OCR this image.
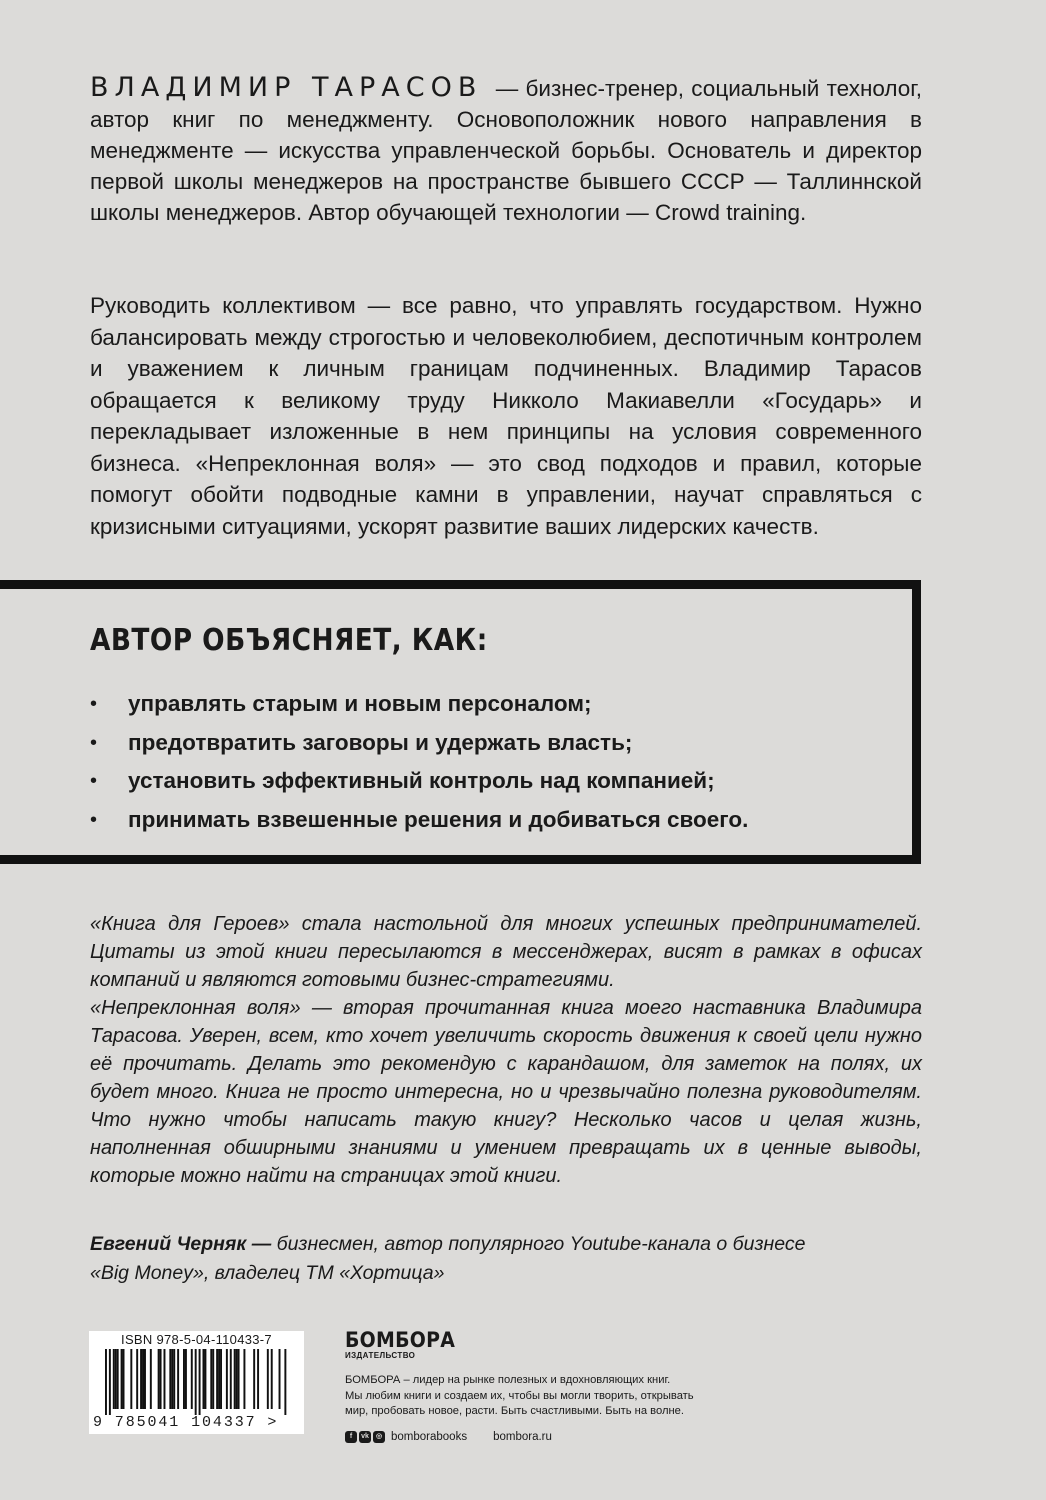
ВЛАДИМИР ТАРАСОВ — бизнес-тренер, социальный технолог, автор книг по менеджменту. Основоположник нового направления в менеджменте — искусства управленческой борьбы. Основатель и директор первой школы менеджеров на пространстве бывшего СССР — Таллиннской школы менеджеров. Автор обучающей технологии — Crowd training.

Руководить коллективом — все равно, что управлять государством. Нужно балансировать между строгостью и человеколюбием, деспотичным контролем и уважением к личным границам подчиненных. Владимир Тарасов обращается к великому труду Никколо Макиавелли «Государь» и перекладывает изложенные в нем принципы на условия современного бизнеса. «Непреклонная воля» — это свод подходов и правил, которые помогут обойти подводные камни в управлении, научат справляться с кризисными ситуациями, ускорят развитие ваших лидерских качеств.

АВТОР ОБЪЯСНЯЕТ, КАК:
• управлять старым и новым персоналом;
• предотвратить заговоры и удержать власть;
• установить эффективный контроль над компанией;
• принимать взвешенные решения и добиваться своего.

«Книга для Героев» стала настольной для многих успешных предпринимателей. Цитаты из этой книги пересылаются в мессенджерах, висят в рамках в офисах компаний и являются готовыми бизнес-стратегиями.

«Непреклонная воля» — вторая прочитанная книга моего наставника Владимира Тарасова. Уверен, всем, кто хочет увеличить скорость движения к своей цели нужно её прочитать. Делать это рекомендую с карандашом, для заметок на полях, их будет много. Книга не просто интересна, но и чрезвычайно полезна руководителям. Что нужно чтобы написать такую книгу? Несколько часов и целая жизнь, наполненная обширными знаниями и умением превращать их в ценные выводы, которые можно найти на страницах этой книги.

Евгений Черняк — бизнесмен, автор популярного Youtube-канала о бизнесе «Big Money», владелец ТМ «Хортица»

ISBN 978-5-04-110433-7
9 785041 104337 >
БОМБОРА
ИЗДАТЕЛЬСТВО
БОМБОРА – лидер на рынке полезных и вдохновляющих книг.
Мы любим книги и создаем их, чтобы вы могли творить, открывать
мир, пробовать новое, расти. Быть счастливыми. Быть на волне.
f	vk	◎ bomborabooks bombora.ru
